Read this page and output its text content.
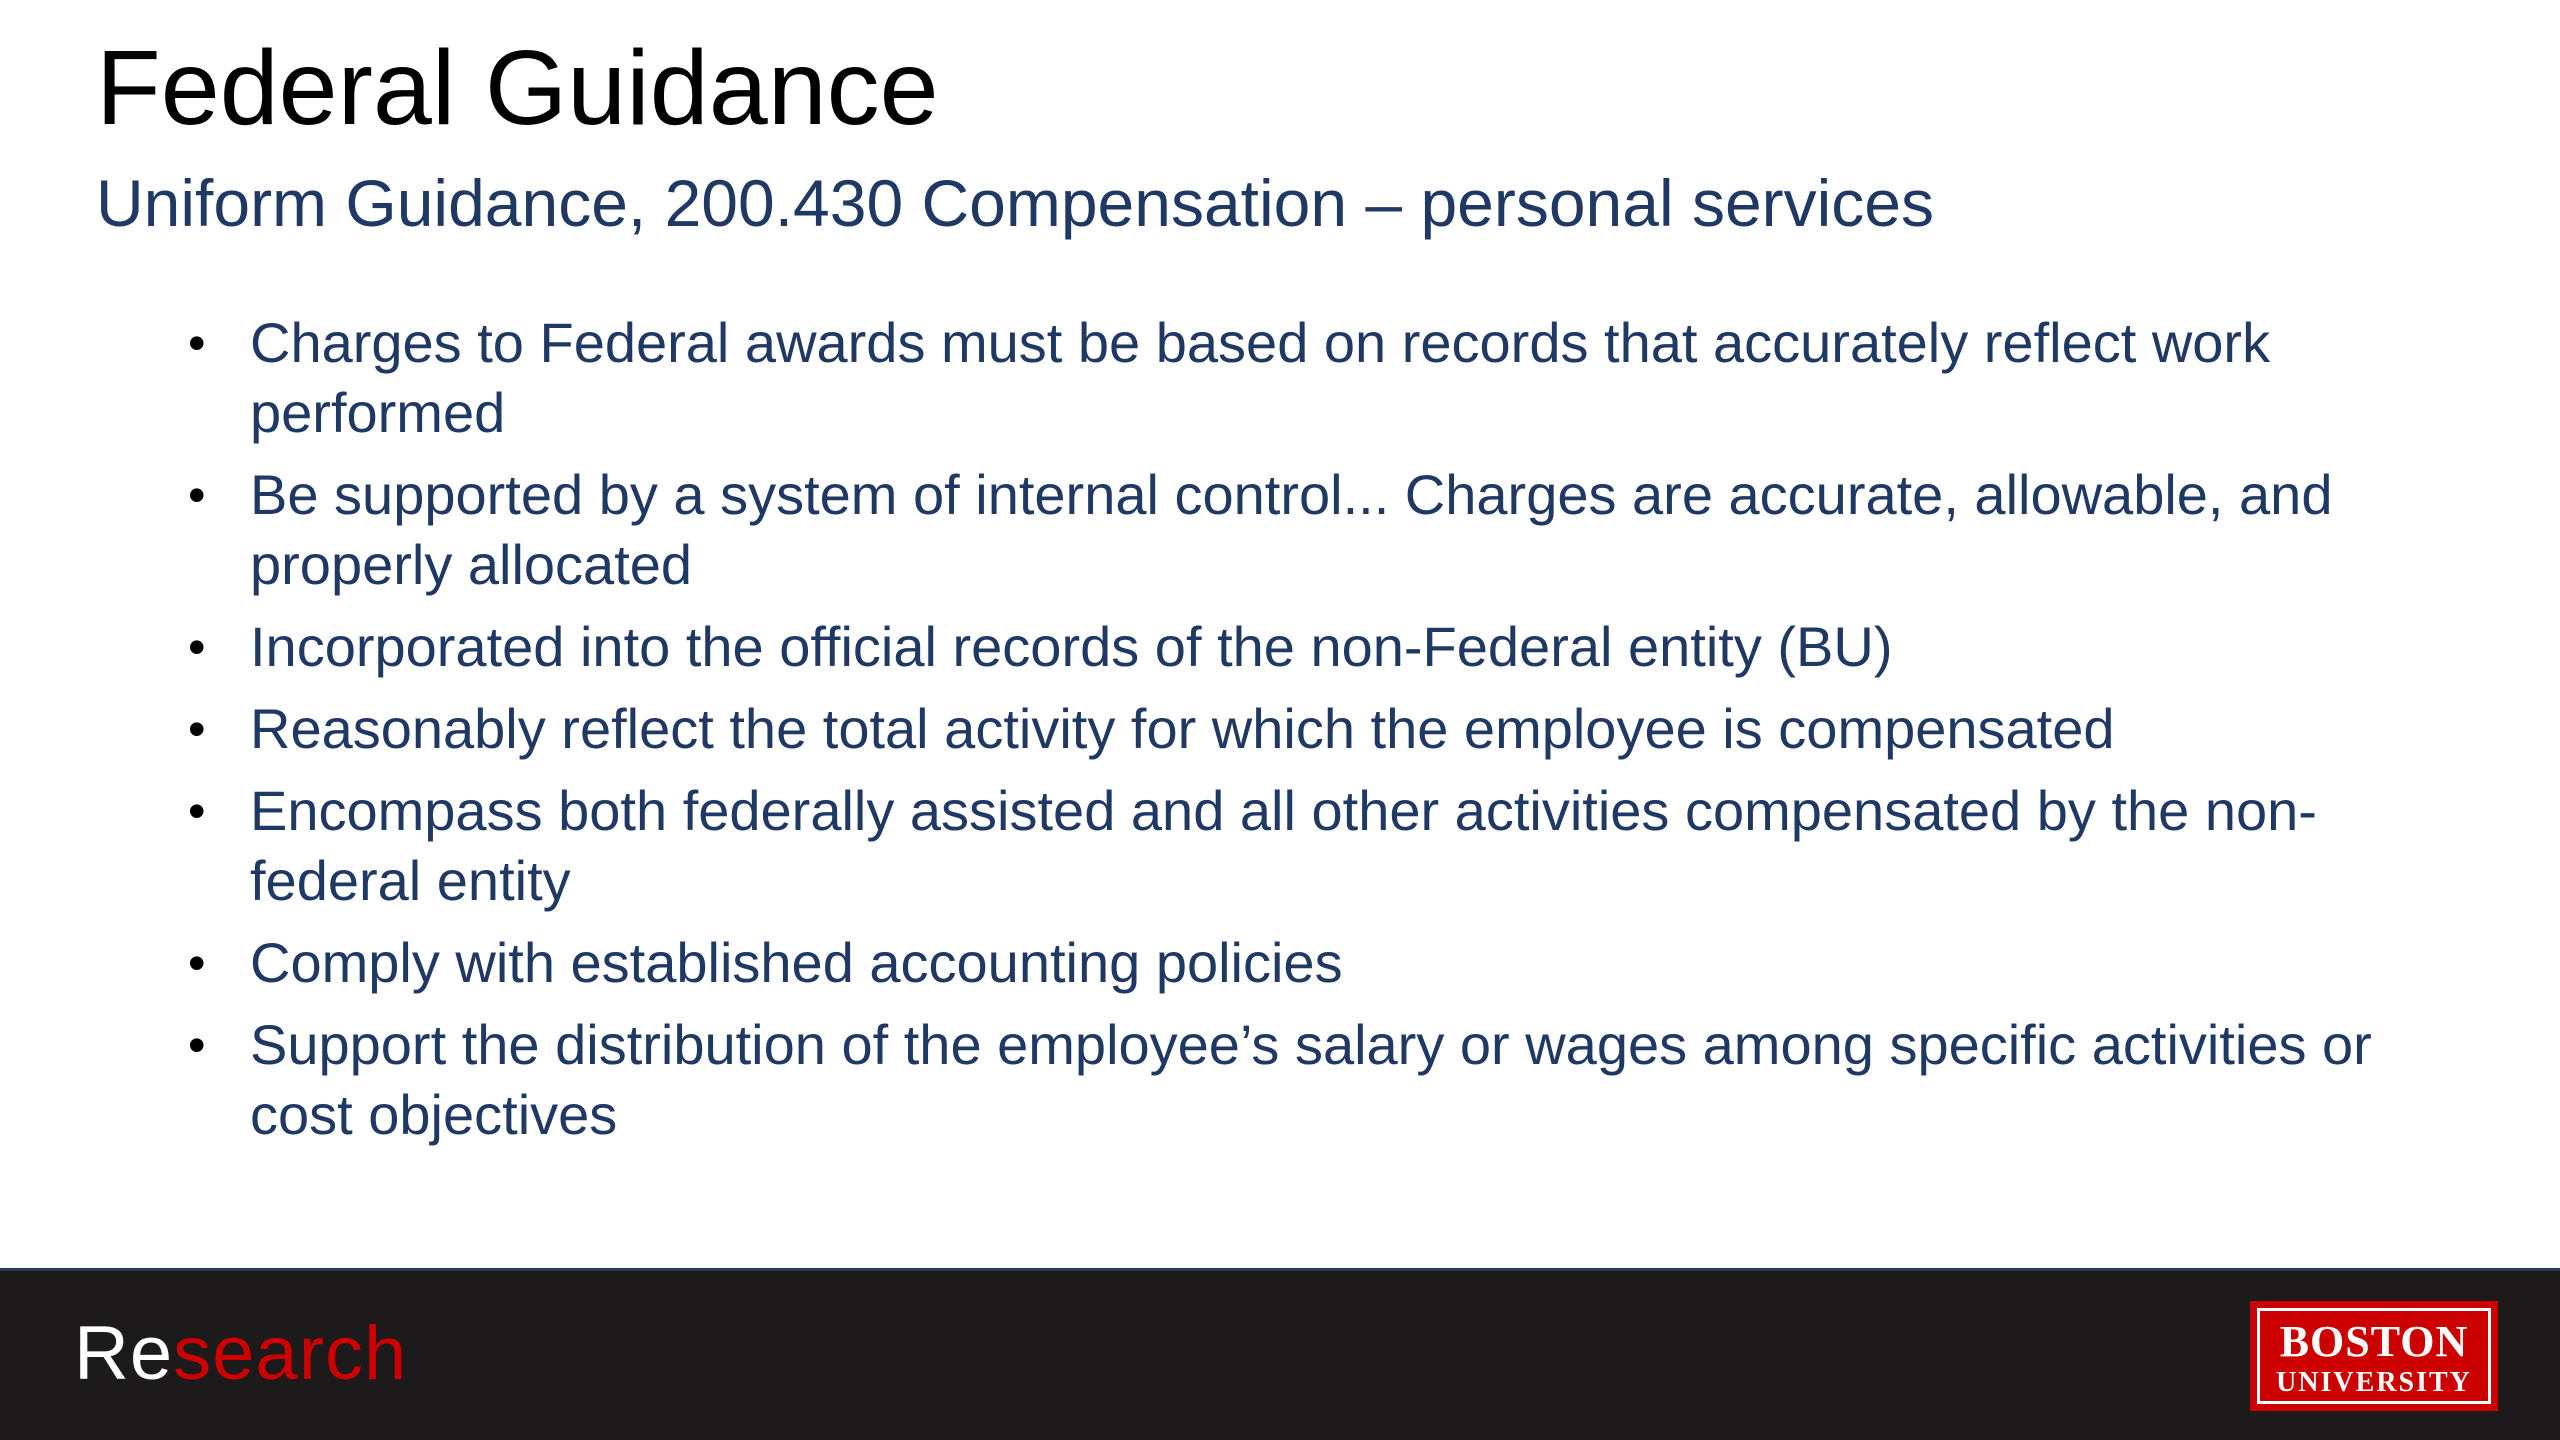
Federal Guidance
Uniform Guidance, 200.430 Compensation – personal services
• Charges to Federal awards must be based on records that accurately reflect work performed
• Be supported by a system of internal control... Charges are accurate, allowable, and properly allocated
• Incorporated into the official records of the non-Federal entity (BU)
• Reasonably reflect the total activity for which the employee is compensated
• Encompass both federally assisted and all other activities compensated by the non-federal entity
• Comply with established accounting policies
• Support the distribution of the employee’s salary or wages among specific activities or cost objectives
Research	BOSTON
UNIVERSITY
